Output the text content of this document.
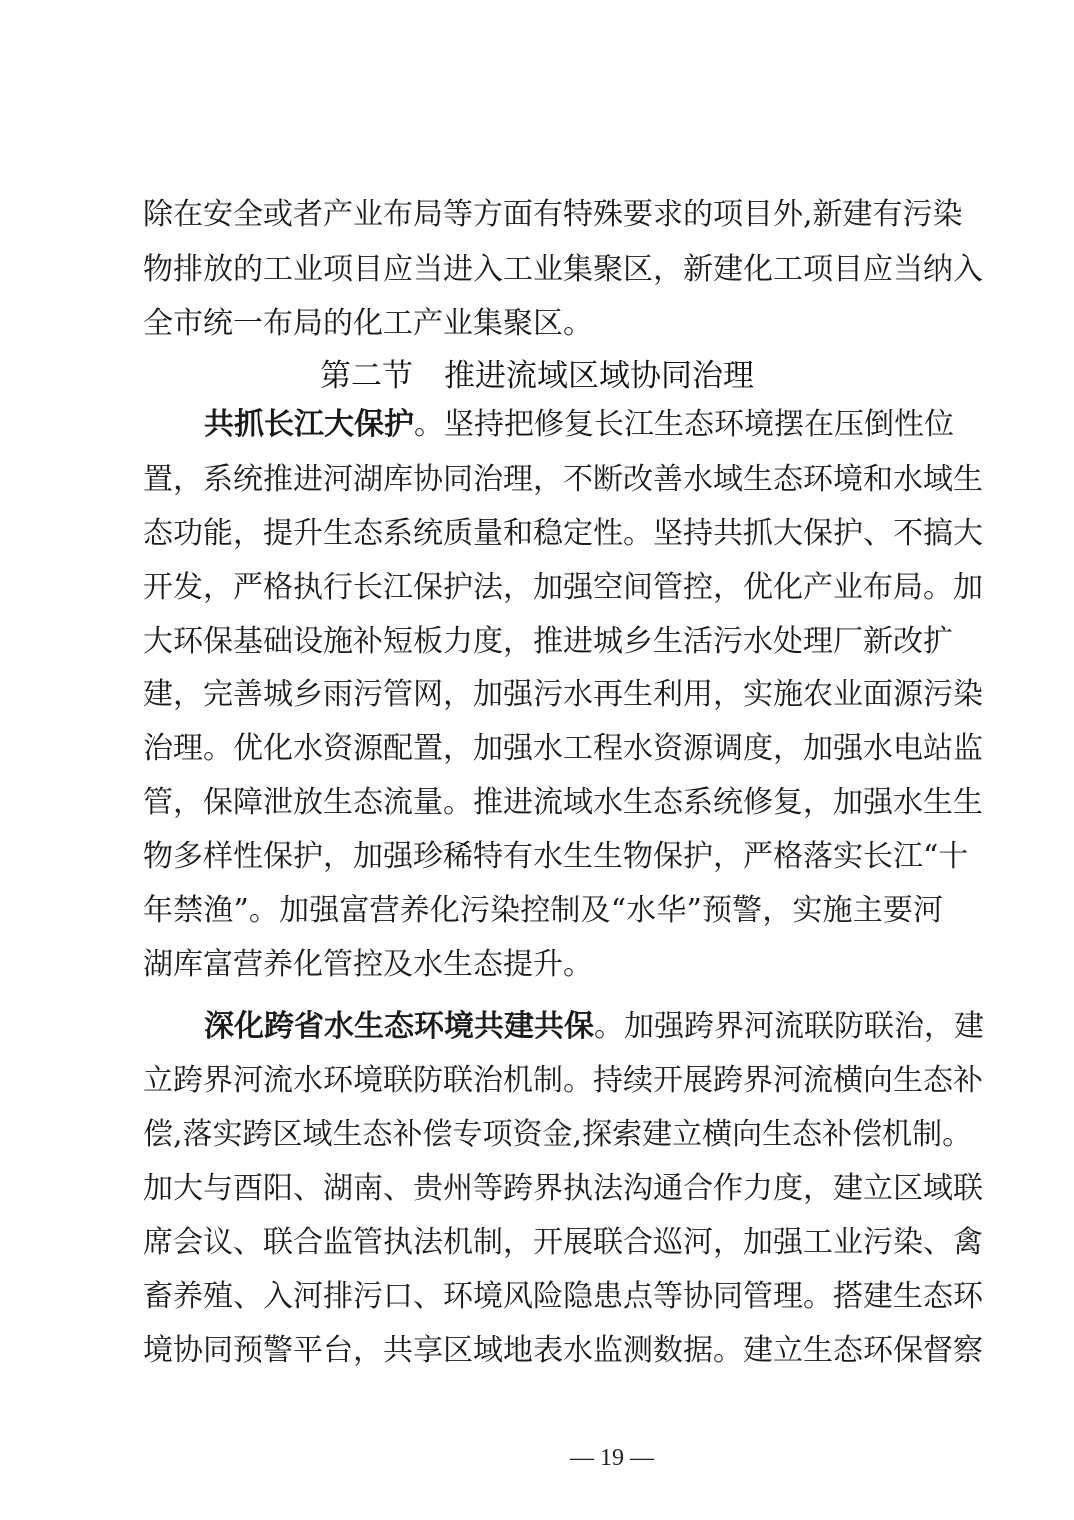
除在安全或者产业布局等方面有特殊要求的项目外,新建有污染
物排放的工业项目应当进入工业集聚区，新建化工项目应当纳入
全市统一布局的化工产业集聚区。
第二节　推进流域区域协同治理
共抓长江大保护。坚持把修复长江生态环境摆在压倒性位
置，系统推进河湖库协同治理，不断改善水域生态环境和水域生
态功能，提升生态系统质量和稳定性。坚持共抓大保护、不搞大
开发，严格执行长江保护法，加强空间管控，优化产业布局。加
大环保基础设施补短板力度，推进城乡生活污水处理厂新改扩
建，完善城乡雨污管网，加强污水再生利用，实施农业面源污染
治理。优化水资源配置，加强水工程水资源调度，加强水电站监
管，保障泄放生态流量。推进流域水生态系统修复，加强水生生
物多样性保护，加强珍稀特有水生生物保护，严格落实长江“十
年禁渔”。加强富营养化污染控制及“水华”预警，实施主要河
湖库富营养化管控及水生态提升。
深化跨省水生态环境共建共保。加强跨界河流联防联治，建
立跨界河流水环境联防联治机制。持续开展跨界河流横向生态补
偿,落实跨区域生态补偿专项资金,探索建立横向生态补偿机制。
加大与酉阳、湖南、贵州等跨界执法沟通合作力度，建立区域联
席会议、联合监管执法机制，开展联合巡河，加强工业污染、禽
畜养殖、入河排污口、环境风险隐患点等协同管理。搭建生态环
境协同预警平台，共享区域地表水监测数据。建立生态环保督察
— 19 —
